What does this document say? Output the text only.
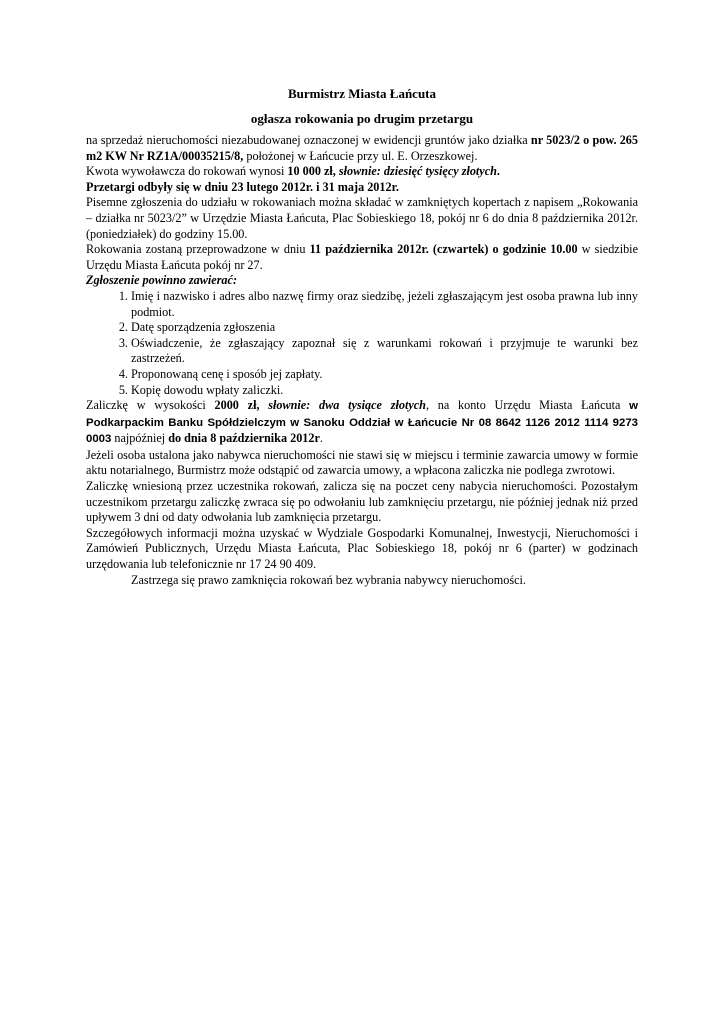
Burmistrz Miasta Łańcuta
ogłasza rokowania po drugim przetargu

na sprzedaż nieruchomości niezabudowanej oznaczonej w ewidencji gruntów jako działka nr 5023/2 o pow. 265 m2 KW Nr RZ1A/00035215/8, położonej w Łańcucie przy ul. E. Orzeszkowej.

Kwota wywoławcza do rokowań wynosi 10 000 zł, słownie: dziesięć tysięcy złotych.

Przetargi odbyły się w dniu 23 lutego 2012r. i 31 maja 2012r.

Pisemne zgłoszenia do udziału w rokowaniach można składać w zamkniętych kopertach z napisem „Rokowania – działka nr 5023/2” w Urzędzie Miasta Łańcuta, Plac Sobieskiego 18, pokój nr 6 do dnia 8 października 2012r. (poniedziałek) do godziny 15.00.

Rokowania zostaną przeprowadzone w dniu 11 października 2012r. (czwartek) o godzinie 10.00 w siedzibie Urzędu Miasta Łańcuta pokój nr 27.

Zgłoszenie powinno zawierać:

1. Imię i nazwisko i adres albo nazwę firmy oraz siedzibę, jeżeli zgłaszającym jest osoba prawna lub inny podmiot.
2. Datę sporządzenia zgłoszenia
3. Oświadczenie, że zgłaszający zapoznał się z warunkami rokowań i przyjmuje te warunki bez zastrzeżeń.
4. Proponowaną cenę i sposób jej zapłaty.
5. Kopię dowodu wpłaty zaliczki.

Zaliczkę w wysokości 2000 zł, słownie: dwa tysiące złotych, na konto Urzędu Miasta Łańcuta w Podkarpackim Banku Spółdzielczym w Sanoku Oddział w Łańcucie Nr 08 8642 1126 2012 1114 9273 0003 najpóźniej do dnia 8 października 2012r.

Jeżeli osoba ustalona jako nabywca nieruchomości nie stawi się w miejscu i terminie zawarcia umowy w formie aktu notarialnego, Burmistrz może odstąpić od zawarcia umowy, a wpłacona zaliczka nie podlega zwrotowi.

Zaliczkę wniesioną przez uczestnika rokowań, zalicza się na poczet ceny nabycia nieruchomości. Pozostałym uczestnikom przetargu zaliczkę zwraca się po odwołaniu lub zamknięciu przetargu, nie później jednak niż przed upływem 3 dni od daty odwołania lub zamknięcia przetargu.

Szczegółowych informacji można uzyskać w Wydziale Gospodarki Komunalnej, Inwestycji, Nieruchomości i Zamówień Publicznych, Urzędu Miasta Łańcuta, Plac Sobieskiego 18, pokój nr 6 (parter) w godzinach urzędowania lub telefonicznie nr 17 24 90 409.

Zastrzega się prawo zamknięcia rokowań bez wybrania nabywcy nieruchomości.
